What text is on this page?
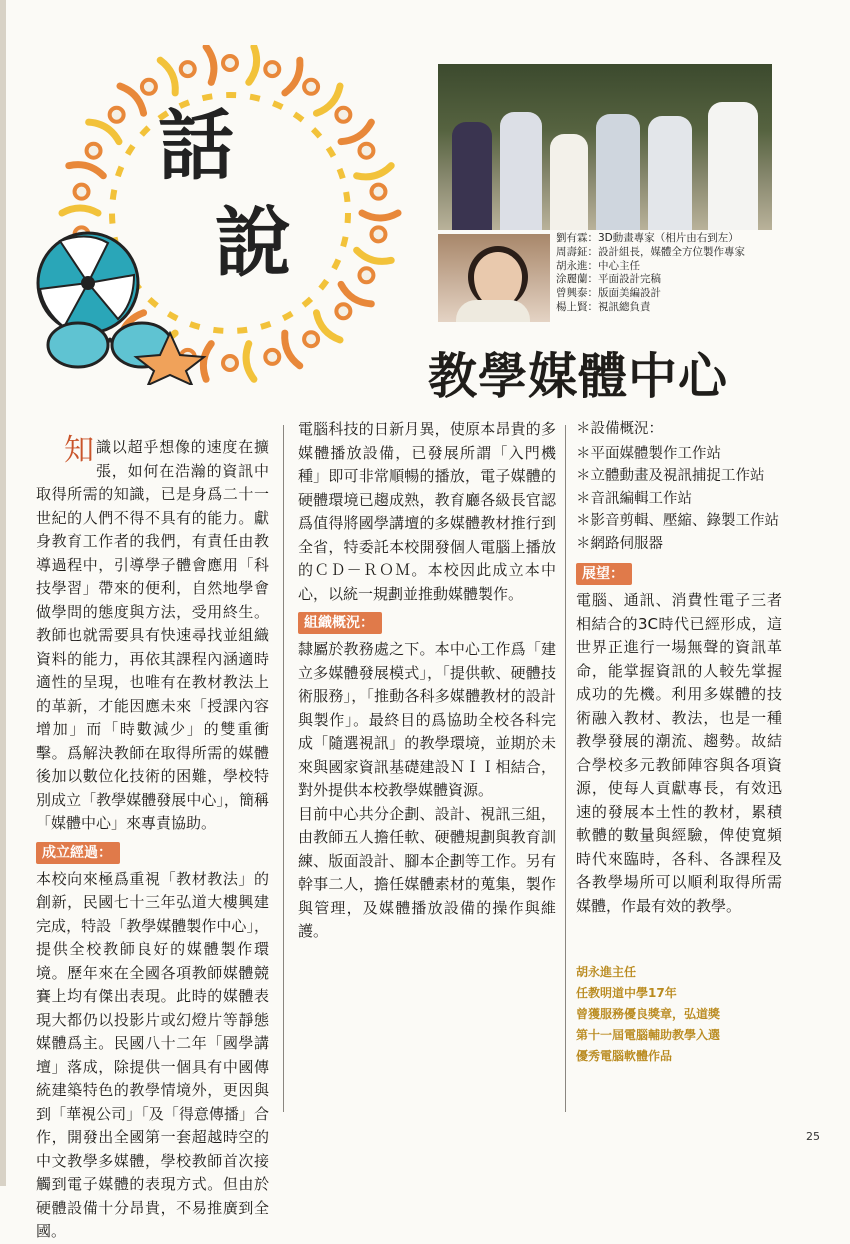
話
說	劉有霖：3D動畫專家（相片由右到左）
周壽鉦：設計組長，媒體全方位製作專家
胡永進：中心主任
涂麗蘭：平面設計完稿
曾興泰：版面美編設計
楊上賢：視訊總負責
教學媒體中心

知識以超乎想像的速度在擴張，如何在浩瀚的資訊中取得所需的知識，已是身爲二十一世紀的人們不得不具有的能力。獻身教育工作者的我們，有責任由教導過程中，引導學子體會應用「科技學習」帶來的便利，自然地學會做學問的態度與方法，受用終生。教師也就需要具有快速尋找並組織資料的能力，再依其課程內涵適時適性的呈現，也唯有在教材教法上的革新，才能因應未來「授課內容增加」而「時數減少」的雙重衝擊。爲解決教師在取得所需的媒體後加以數位化技術的困難，學校特別成立「教學媒體發展中心」，簡稱「媒體中心」來專責協助。

成立經過：

本校向來極爲重視「教材教法」的創新，民國七十三年弘道大樓興建完成，特設「教學媒體製作中心」，提供全校教師良好的媒體製作環境。歷年來在全國各項教師媒體競賽上均有傑出表現。此時的媒體表現大都仍以投影片或幻燈片等靜態媒體爲主。民國八十二年「國學講壇」落成，除提供一個具有中國傳統建築特色的教學情境外，更因與到「華視公司」「及「得意傳播」合作，開發出全國第一套超越時空的中文教學多媒體，學校教師首次接觸到電子媒體的表現方式。但由於硬體設備十分昂貴，不易推廣到全國。

電腦科技的日新月異，使原本昂貴的多媒體播放設備，已發展所謂「入門機種」即可非常順暢的播放，電子媒體的硬體環境已趨成熟，教育廳各級長官認爲值得將國學講壇的多媒體教材推行到全省，特委託本校開發個人電腦上播放的ＣＤ－ＲＯＭ。本校因此成立本中心，以統一規劃並推動媒體製作。

組織概況：

隸屬於教務處之下。本中心工作爲「建立多媒體發展模式」，「提供軟、硬體技術服務」，「推動各科多媒體教材的設計與製作」。最終目的爲協助全校各科完成「隨選視訊」的教學環境，並期於未來與國家資訊基礎建設ＮＩＩ相結合，對外提供本校教學媒體資源。

目前中心共分企劃、設計、視訊三組，由教師五人擔任軟、硬體規劃與教育訓練、版面設計、腳本企劃等工作。另有幹事二人，擔任媒體素材的蒐集，製作與管理，及媒體播放設備的操作與維護。

＊設備概況：
＊平面媒體製作工作站
＊立體動畫及視訊捕捉工作站
＊音訊編輯工作站
＊影音剪輯、壓縮、錄製工作站
＊網路伺服器
展望：

電腦、通訊、消費性電子三者相結合的3C時代已經形成，這世界正進行一場無聲的資訊革命，能掌握資訊的人較先掌握成功的先機。利用多媒體的技術融入教材、教法，也是一種教學發展的潮流、趨勢。故結合學校多元教師陣容與各項資源，使每人貢獻專長，有效迅速的發展本土性的教材，累積軟體的數量與經驗，俾使寬頻時代來臨時，各科、各課程及各教學場所可以順利取得所需媒體，作最有效的教學。

胡永進主任
任教明道中學17年
曾獲服務優良獎章，弘道獎
第十一屆電腦輔助教學入選
優秀電腦軟體作品
25
